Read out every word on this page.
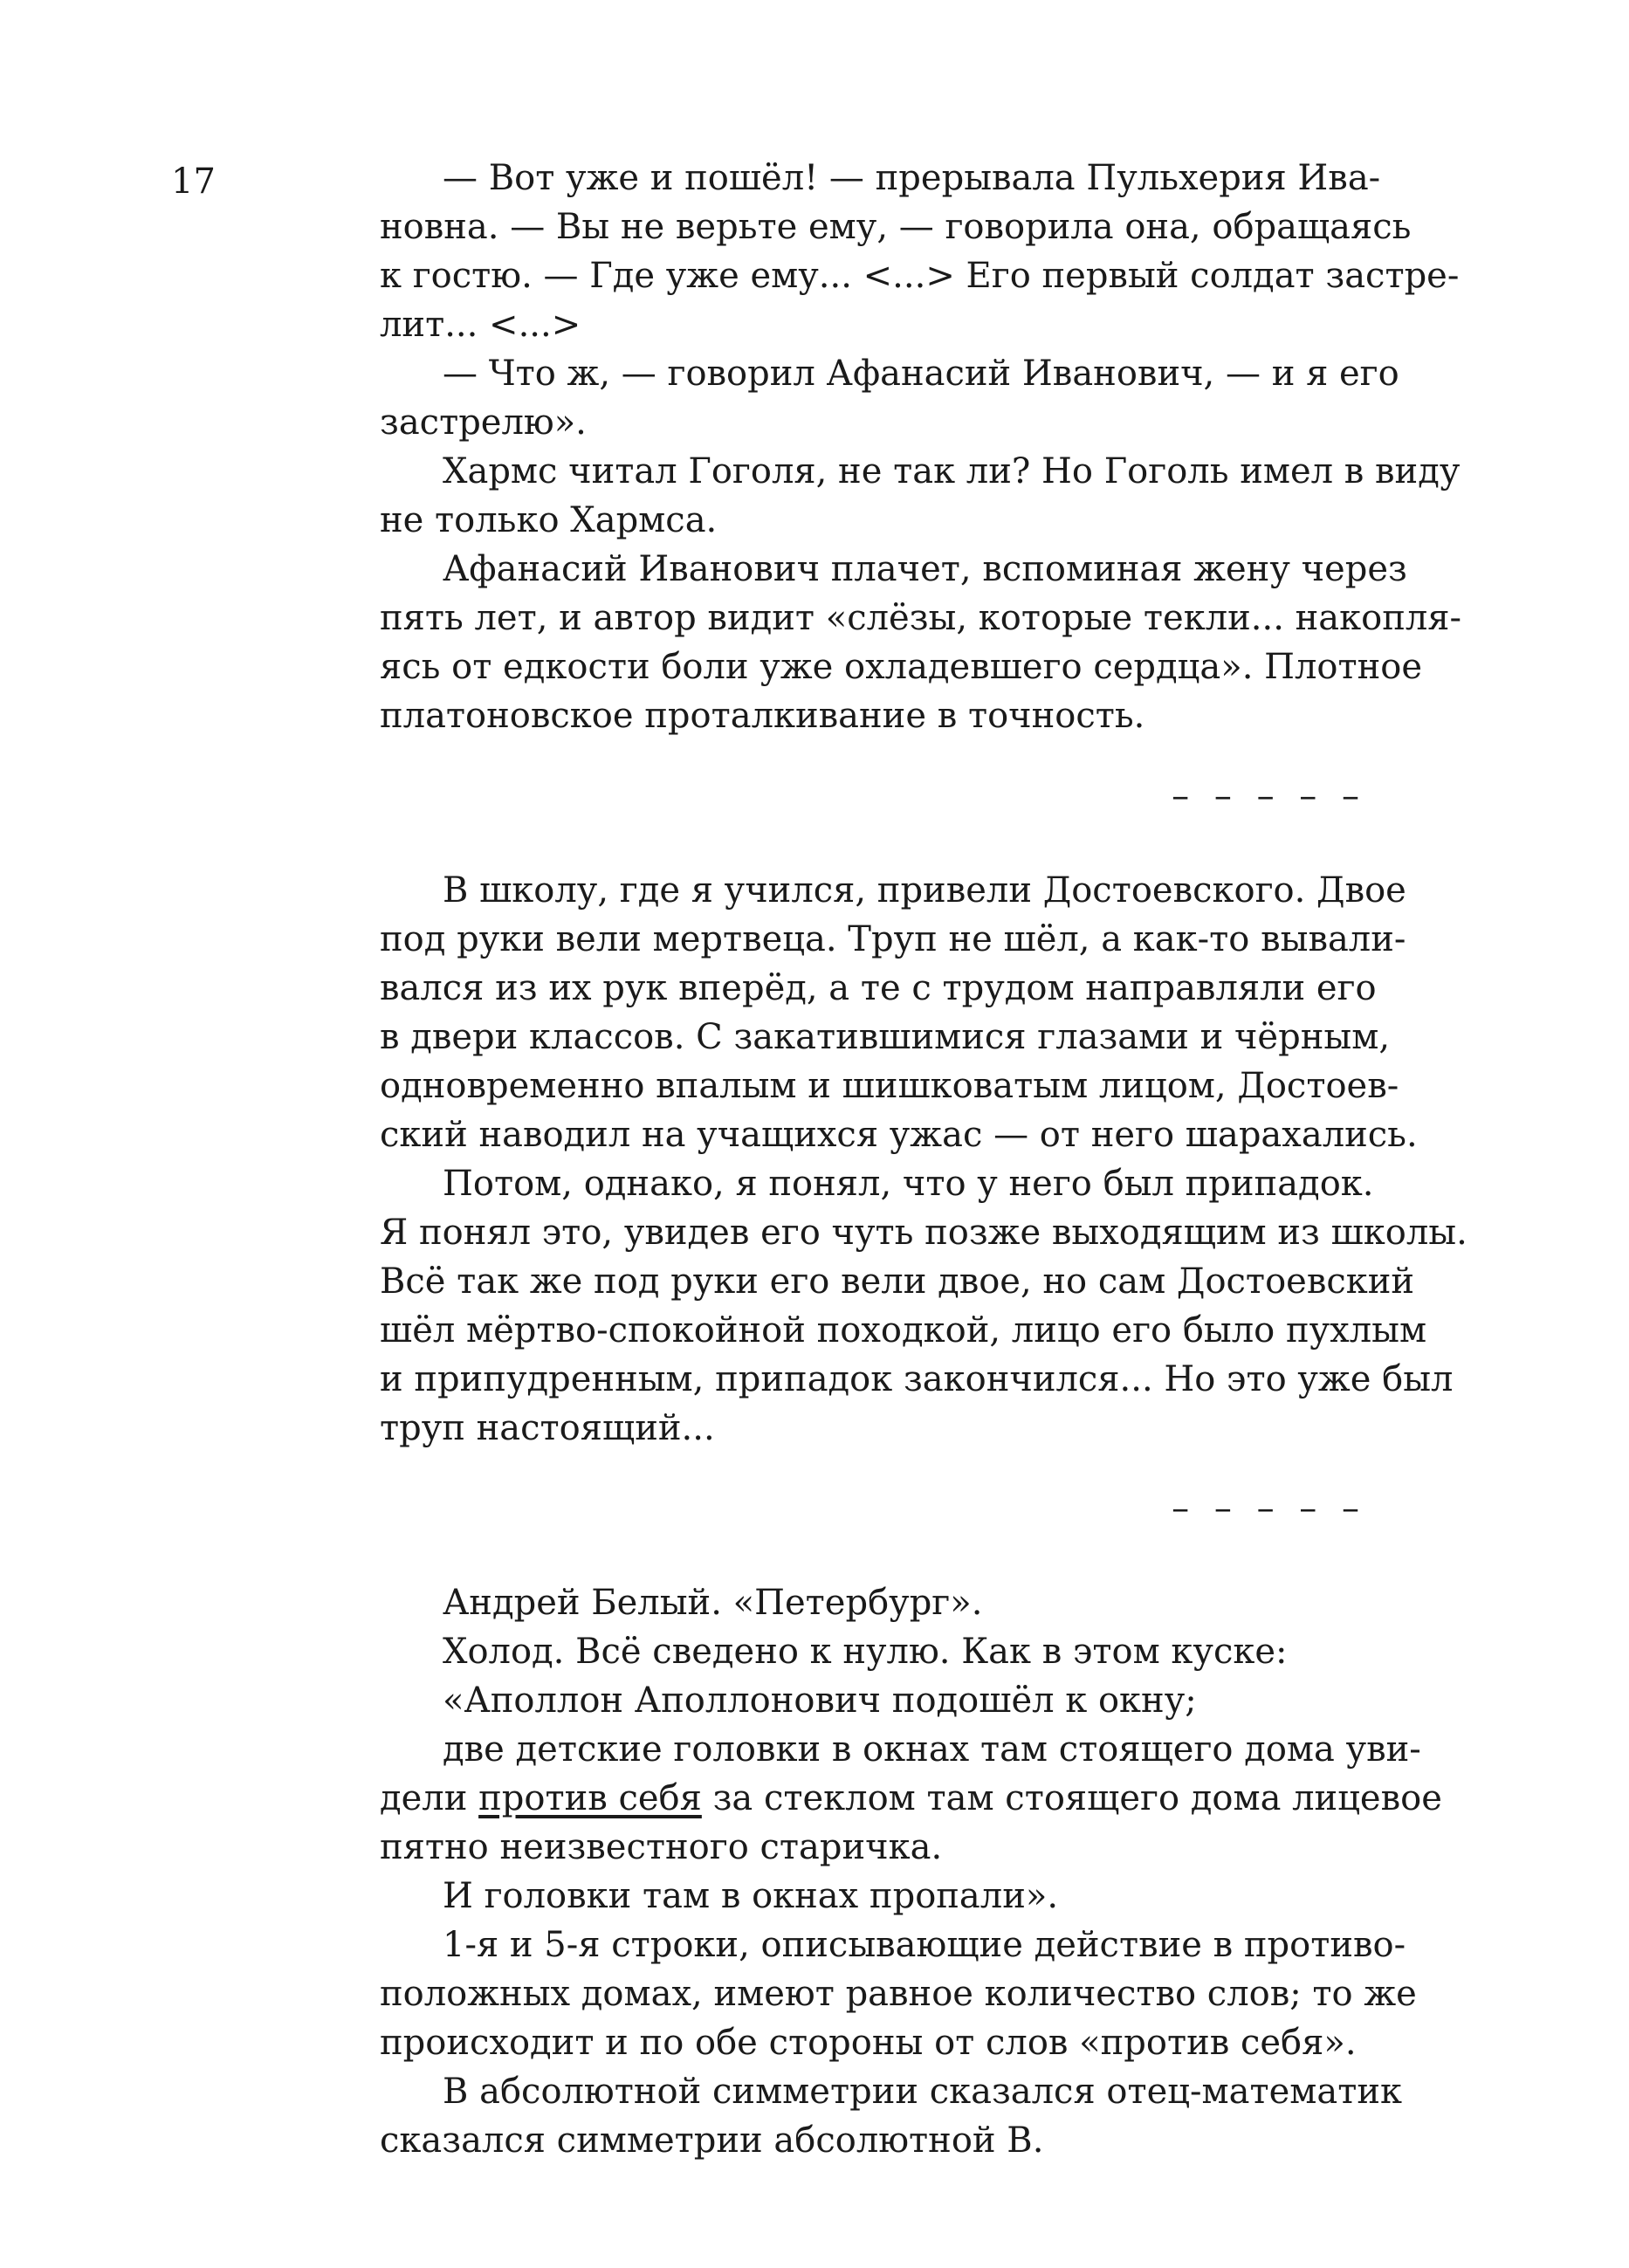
17	— Вот уже и пошёл! — прерывала Пульхерия Ива-
новна. — Вы не верьте ему, — говорила она, обращаясь
к гостю. — Где уже ему... <...> Его первый солдат застре-
лит... <...>
— Что ж, — говорил Афанасий Иванович, — и я его
застрелю».
Хармс читал Гоголя, не так ли? Но Гоголь имел в виду
не только Хармса.
Афанасий Иванович плачет, вспоминая жену через
пять лет, и автор видит «слёзы, которые текли... накопля-
ясь от едкости боли уже охладевшего сердца». Плотное
платоновское проталкивание в точность.
– – – – –
В школу, где я учился, привели Достоевского. Двое
под руки вели мертвеца. Труп не шёл, а как-то вывали-
вался из их рук вперёд, а те с трудом направляли его
в двери классов. С закатившимися глазами и чёрным,
одновременно впалым и шишковатым лицом, Достоев-
ский наводил на учащихся ужас — от него шарахались.
Потом, однако, я понял, что у него был припадок.
Я понял это, увидев его чуть позже выходящим из школы.
Всё так же под руки его вели двое, но сам Достоевский
шёл мёртво-спокойной походкой, лицо его было пухлым
и припудренным, припадок закончился... Но это уже был
труп настоящий...
– – – – –
Андрей Белый. «Петербург».
Холод. Всё сведено к нулю. Как в этом куске:
«Аполлон Аполлонович подошёл к окну;
две детские головки в окнах там стоящего дома уви-
дели против себя за стеклом там стоящего дома лицевое
пятно неизвестного старичка.
И головки там в окнах пропали».
1-я и 5-я строки, описывающие действие в противо-
положных домах, имеют равное количество слов; то же
происходит и по обе стороны от слов «против себя».
В абсолютной симметрии сказался отец-математик
сказался симметрии абсолютной В.
